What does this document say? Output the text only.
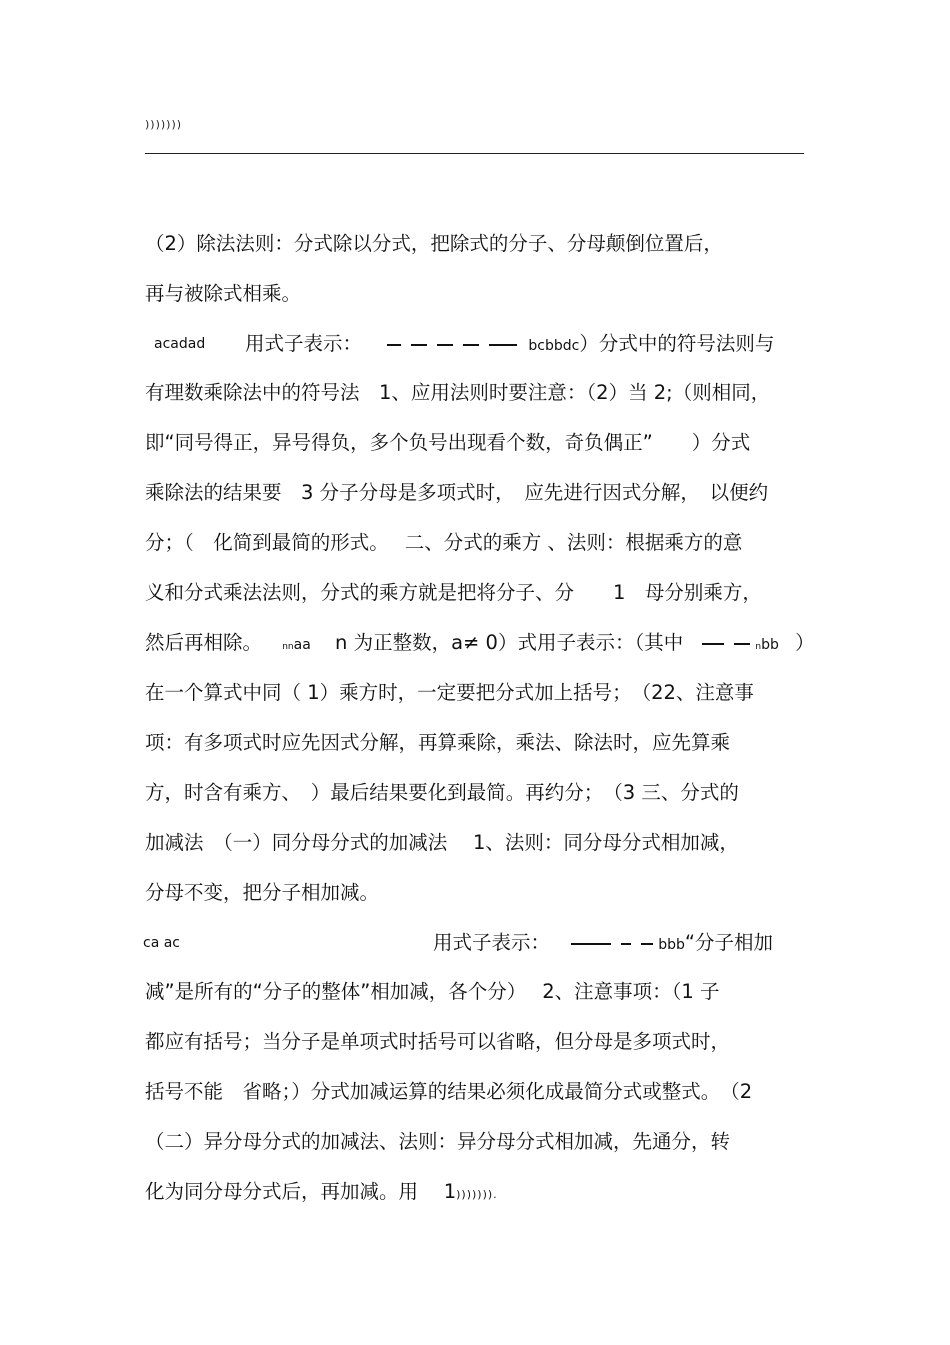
)))))))
（2）除法法则：分式除以分式，把除式的分子、分母颠倒位置后，
再与被除式相乘。
acadad 用式子表示：	bcbbdc）分式中的符号法则与
有理数乘除法中的符号法　1、应用法则时要注意：（2）当 2;（则相同，
即“同号得正，异号得负，多个负号出现看个数，奇负偶正”　　）分式
乘除法的结果要　3 分子分母是多项式时，　应先进行因式分解，　以便约
分；（　化简到最简的形式。　 二、分式的乘方 、法则：根据乘方的意
义和分式乘法法则，分式的乘方就是把将分子、分　　1　母分别乘方，
然后再相除。 nnaa n 为正整数，a≠ 0）式用子表示：（其中	nbb ）
在一个算式中同（ 1）乘方时，一定要把分式加上括号；　（22、注意事
项：有多项式时应先因式分解，再算乘除，乘法、除法时，应先算乘
方，时含有乘方、　）最后结果要化到最简。再约分；　（3 三、分式的
加减法　（一）同分母分式的加减法　 1、法则：同分母分式相加减，
分母不变，把分子相加减。
ca ac	用式子表示：	bbb“分子相加
减”是所有的“分子的整体”相加减，各个分）　 2、注意事项：（1 子
都应有括号；当分子是单项式时括号可以省略，但分母是多项式时，
括号不能　省略；）分式加减运算的结果必须化成最简分式或整式。　（2
（二）异分母分式的加减法、法则：异分母分式相加减，先通分，转
化为同分母分式后，再加减。用　 1))))))).
